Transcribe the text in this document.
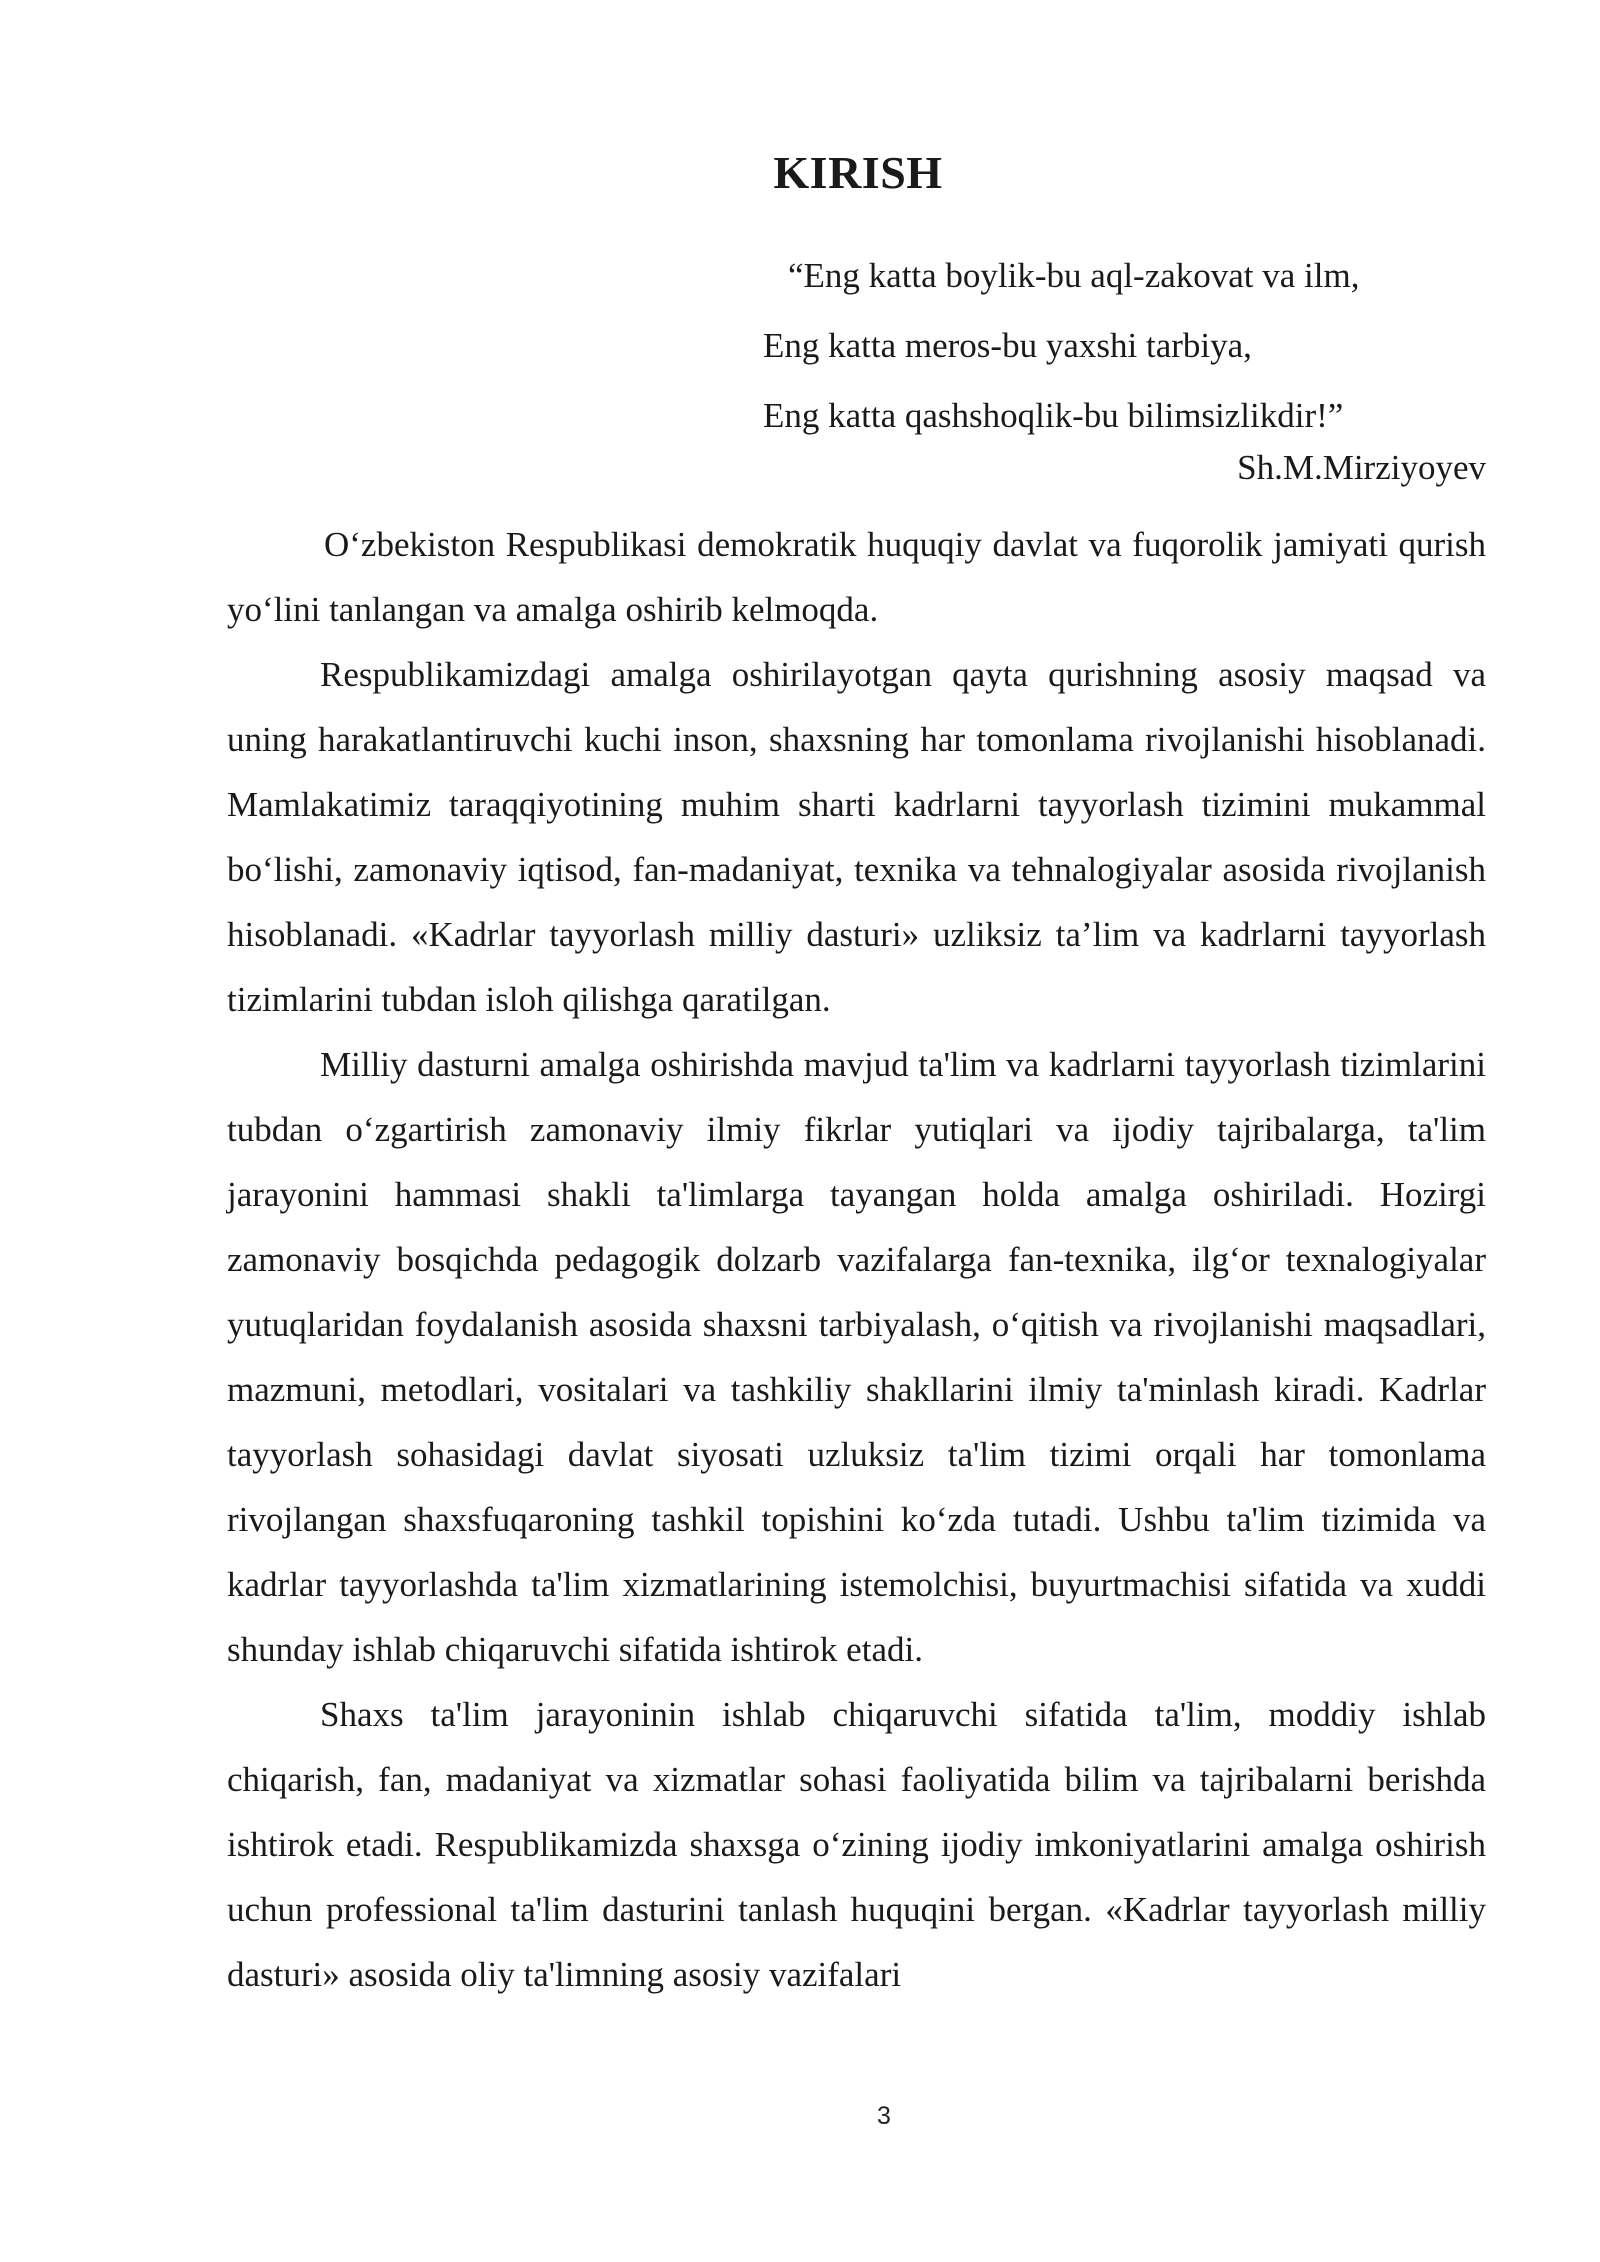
KIRISH
“Eng katta boylik-bu aql-zakovat va ilm,
Eng katta meros-bu yaxshi tarbiya,
Eng katta qashshoqlik-bu bilimsizlikdir!”
Sh.M.Mirziyoyev

O‘zbekiston Respublikasi demokratik huquqiy davlat va fuqorolik jamiyati qurish yo‘lini tanlangan va amalga oshirib kelmoqda.

Respublikamizdagi amalga oshirilayotgan qayta qurishning asosiy maqsad va uning harakatlantiruvchi kuchi inson, shaxsning har tomonlama rivojlanishi hisoblanadi. Mamlakatimiz taraqqiyotining muhim sharti kadrlarni tayyorlash tizimini mukammal bo‘lishi, zamonaviy iqtisod, fan-madaniyat, texnika va tehnalogiyalar asosida rivojlanish hisoblanadi. «Kadrlar tayyorlash milliy dasturi» uzliksiz ta’lim va kadrlarni tayyorlash tizimlarini tubdan isloh qilishga qaratilgan.

Milliy dasturni amalga oshirishda mavjud ta'lim va kadrlarni tayyorlash tizimlarini tubdan o‘zgartirish zamonaviy ilmiy fikrlar yutiqlari va ijodiy tajribalarga, ta'lim jarayonini hammasi shakli ta'limlarga tayangan holda amalga oshiriladi. Hozirgi zamonaviy bosqichda pedagogik dolzarb vazifalarga fan-texnika, ilg‘or texnalogiyalar yutuqlaridan foydalanish asosida shaxsni tarbiyalash, o‘qitish va rivojlanishi maqsadlari, mazmuni, metodlari, vositalari va tashkiliy shakllarini ilmiy ta'minlash kiradi. Kadrlar tayyorlash sohasidagi davlat siyosati uzluksiz ta'lim tizimi orqali har tomonlama rivojlangan shaxsfuqaroning tashkil topishini ko‘zda tutadi. Ushbu ta'lim tizimida va kadrlar tayyorlashda ta'lim xizmatlarining istemolchisi, buyurtmachisi sifatida va xuddi shunday ishlab chiqaruvchi sifatida ishtirok etadi.

Shaxs ta'lim jarayoninin ishlab chiqaruvchi sifatida ta'lim, moddiy ishlab chiqarish, fan, madaniyat va xizmatlar sohasi faoliyatida bilim va tajribalarni berishda ishtirok etadi. Respublikamizda shaxsga o‘zining ijodiy imkoniyatlarini amalga oshirish uchun professional ta'lim dasturini tanlash huquqini bergan. «Kadrlar tayyorlash milliy dasturi» asosida oliy ta'limning asosiy vazifalari

3
